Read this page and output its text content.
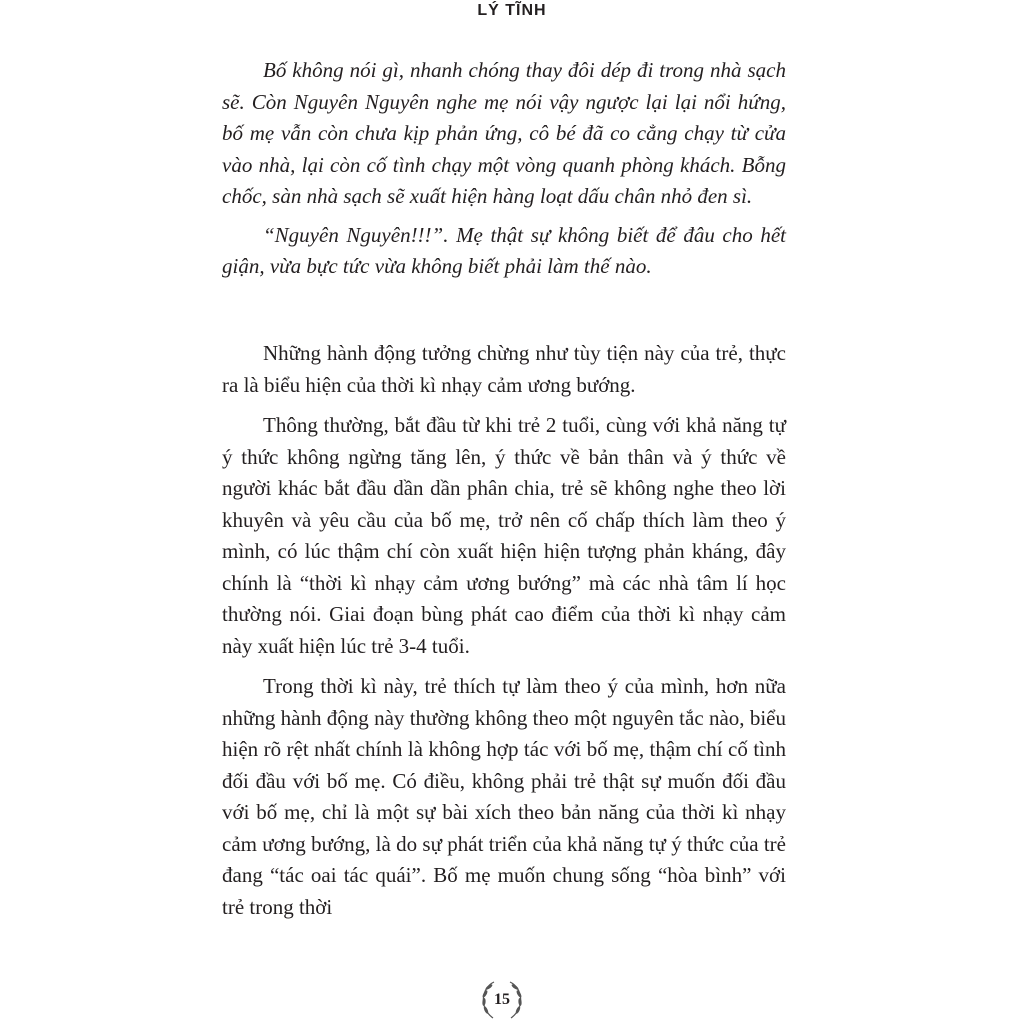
LÝ TĨNH

Bố không nói gì, nhanh chóng thay đôi dép đi trong nhà sạch sẽ. Còn Nguyên Nguyên nghe mẹ nói vậy ngược lại lại nổi hứng, bố mẹ vẫn còn chưa kịp phản ứng, cô bé đã co cẳng chạy từ cửa vào nhà, lại còn cố tình chạy một vòng quanh phòng khách. Bỗng chốc, sàn nhà sạch sẽ xuất hiện hàng loạt dấu chân nhỏ đen sì.

“Nguyên Nguyên!!!”. Mẹ thật sự không biết để đâu cho hết giận, vừa bực tức vừa không biết phải làm thế nào.

Những hành động tưởng chừng như tùy tiện này của trẻ, thực ra là biểu hiện của thời kì nhạy cảm ương bướng.

Thông thường, bắt đầu từ khi trẻ 2 tuổi, cùng với khả năng tự ý thức không ngừng tăng lên, ý thức về bản thân và ý thức về người khác bắt đầu dần dần phân chia, trẻ sẽ không nghe theo lời khuyên và yêu cầu của bố mẹ, trở nên cố chấp thích làm theo ý mình, có lúc thậm chí còn xuất hiện hiện tượng phản kháng, đây chính là “thời kì nhạy cảm ương bướng” mà các nhà tâm lí học thường nói. Giai đoạn bùng phát cao điểm của thời kì nhạy cảm này xuất hiện lúc trẻ 3-4 tuổi.

Trong thời kì này, trẻ thích tự làm theo ý của mình, hơn nữa những hành động này thường không theo một nguyên tắc nào, biểu hiện rõ rệt nhất chính là không hợp tác với bố mẹ, thậm chí cố tình đối đầu với bố mẹ. Có điều, không phải trẻ thật sự muốn đối đầu với bố mẹ, chỉ là một sự bài xích theo bản năng của thời kì nhạy cảm ương bướng, là do sự phát triển của khả năng tự ý thức của trẻ đang “tác oai tác quái”. Bố mẹ muốn chung sống “hòa bình” với trẻ trong thời

15
